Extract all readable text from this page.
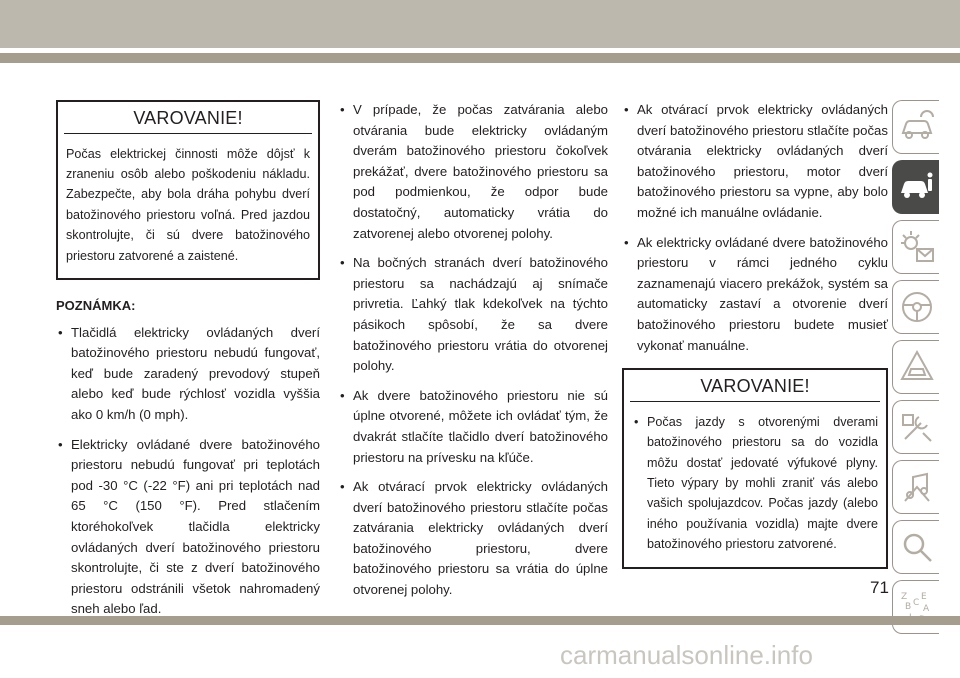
VAROVANIE!
Počas elektrickej činnosti môže dôjsť k zraneniu osôb alebo poškodeniu nákladu. Zabezpečte, aby bola dráha pohybu dverí batožinového priestoru voľná. Pred jazdou skontrolujte, či sú dvere batožinového priestoru zatvorené a zaistené.
POZNÁMKA:
• Tlačidlá elektricky ovládaných dverí batožinového priestoru nebudú fungovať, keď bude zaradený prevodový stupeň alebo keď bude rýchlosť vozidla vyššia ako 0 km/h (0 mph).
• Elektricky ovládané dvere batožinového priestoru nebudú fungovať pri teplotách pod -30 °C (-22 °F) ani pri teplotách nad 65 °C (150 °F). Pred stlačením ktoréhokoľvek tlačidla elektricky ovládaných dverí batožinového priestoru skontrolujte, či ste z dverí batožinového priestoru odstránili všetok nahromadený sneh alebo ľad.
• V prípade, že počas zatvárania alebo otvárania bude elektricky ovládaným dverám batožinového priestoru čokoľvek prekážať, dvere batožinového priestoru sa pod podmienkou, že odpor bude dostatočný, automaticky vrátia do zatvorenej alebo otvorenej polohy.
• Na bočných stranách dverí batožinového priestoru sa nachádzajú aj snímače privretia. Ľahký tlak kdekoľvek na týchto pásikoch spôsobí, že sa dvere batožinového priestoru vrátia do otvorenej polohy.
• Ak dvere batožinového priestoru nie sú úplne otvorené, môžete ich ovládať tým, že dvakrát stlačíte tlačidlo dverí batožinového priestoru na prívesku na kľúče.
• Ak otvárací prvok elektricky ovládaných dverí batožinového priestoru stlačíte počas zatvárania elektricky ovládaných dverí batožinového priestoru, dvere batožinového priestoru sa vrátia do úplne otvorenej polohy.
• Ak otvárací prvok elektricky ovládaných dverí batožinového priestoru stlačíte počas otvárania elektricky ovládaných dverí batožinového priestoru, motor dverí batožinového priestoru sa vypne, aby bolo možné ich manuálne ovládanie.
• Ak elektricky ovládané dvere batožinového priestoru v rámci jedného cyklu zaznamenajú viacero prekážok, systém sa automaticky zastaví a otvorenie dverí batožinového priestoru budete musieť vykonať manuálne.
VAROVANIE!
• Počas jazdy s otvorenými dverami batožinového priestoru sa do vozidla môžu dostať jedovaté výfukové plyny. Tieto výpary by mohli zraniť vás alebo vašich spolujazdcov. Počas jazdy (alebo iného používania vozidla) majte dvere batožinového priestoru zatvorené.
Z E
B A
C
71
carmanualsonline.info
